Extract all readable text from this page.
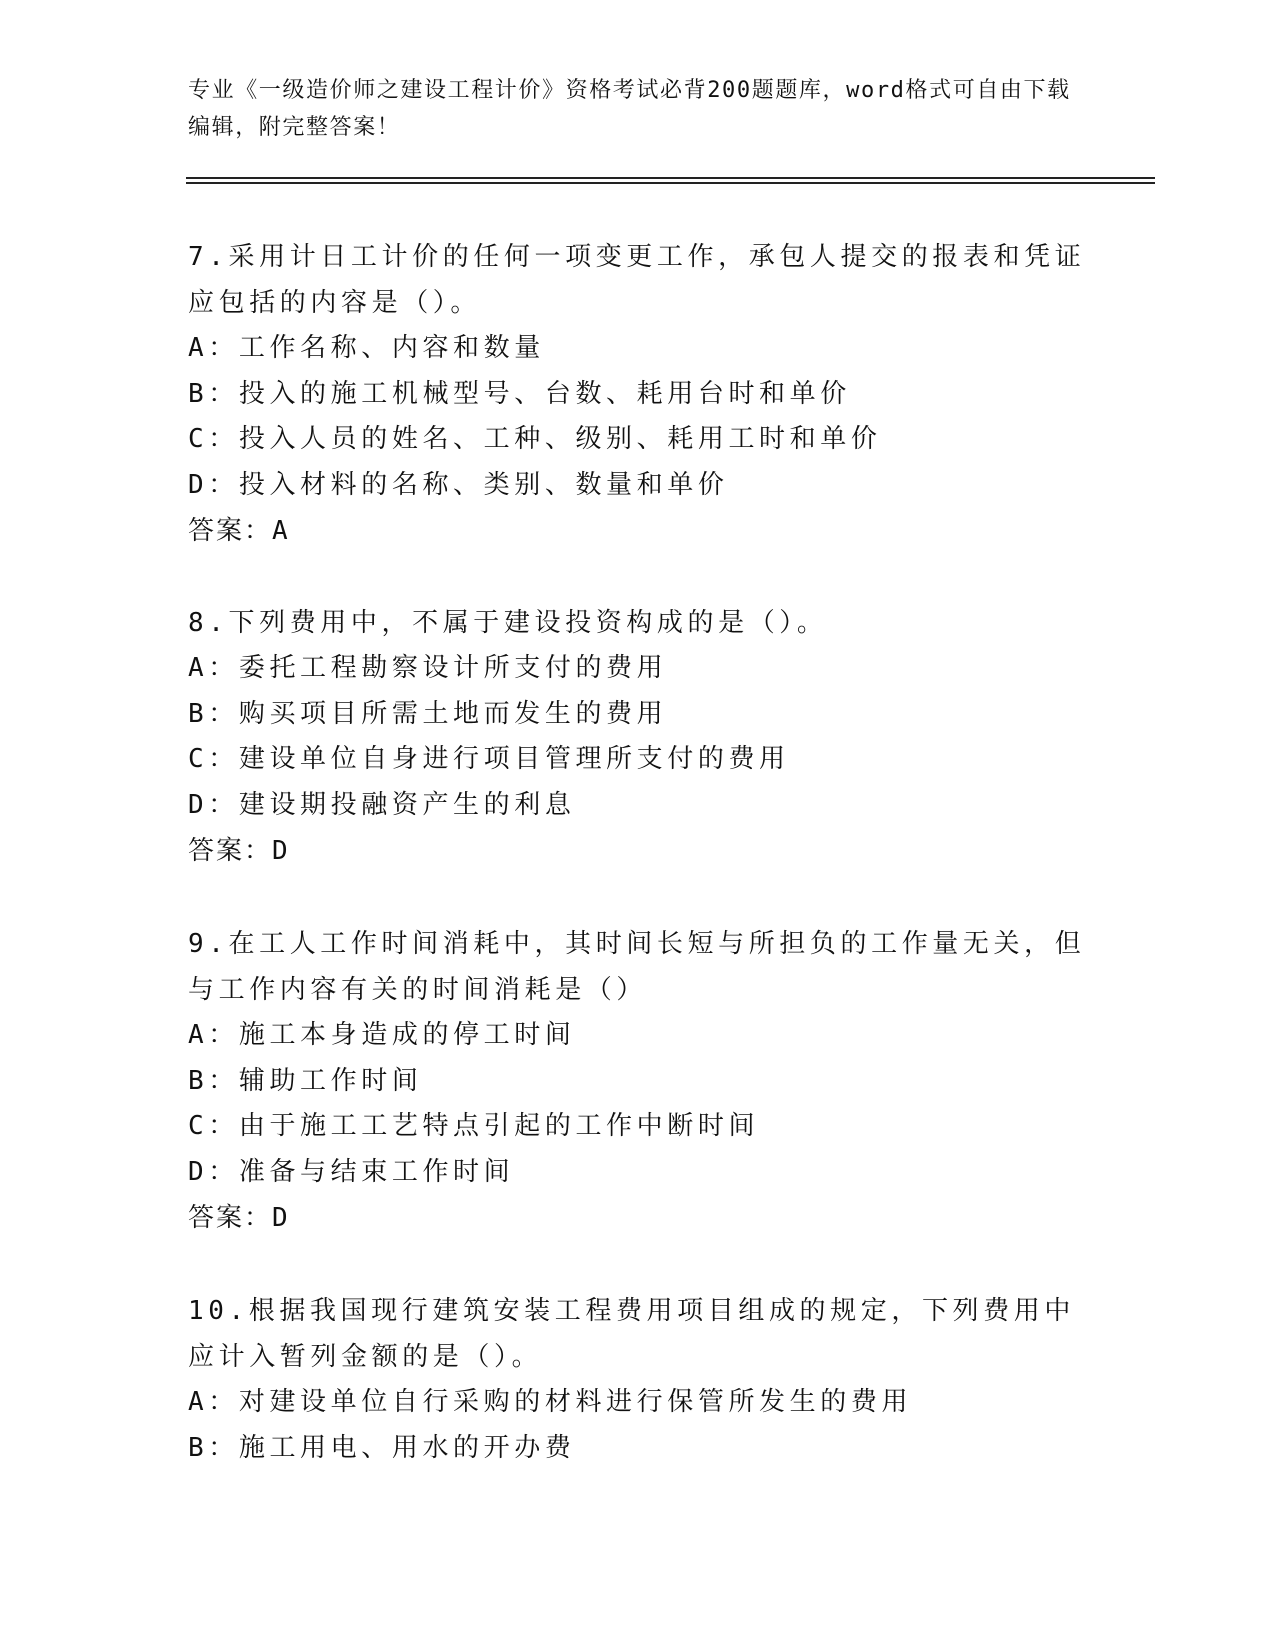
专业《一级造价师之建设工程计价》资格考试必背200题题库，word格式可自由下载编辑，附完整答案！

7.采用计日工计价的任何一项变更工作，承包人提交的报表和凭证应包括的内容是（）。

A：工作名称、内容和数量
B：投入的施工机械型号、台数、耗用台时和单价
C：投入人员的姓名、工种、级别、耗用工时和单价
D：投入材料的名称、类别、数量和单价

答案：A

8.下列费用中，不属于建设投资构成的是（）。

A：委托工程勘察设计所支付的费用
B：购买项目所需土地而发生的费用
C：建设单位自身进行项目管理所支付的费用
D：建设期投融资产生的利息

答案：D

9.在工人工作时间消耗中，其时间长短与所担负的工作量无关，但与工作内容有关的时间消耗是（）

A：施工本身造成的停工时间
B：辅助工作时间
C：由于施工工艺特点引起的工作中断时间
D：准备与结束工作时间

答案：D

10.根据我国现行建筑安装工程费用项目组成的规定，下列费用中应计入暂列金额的是（）。

A：对建设单位自行采购的材料进行保管所发生的费用
B：施工用电、用水的开办费
